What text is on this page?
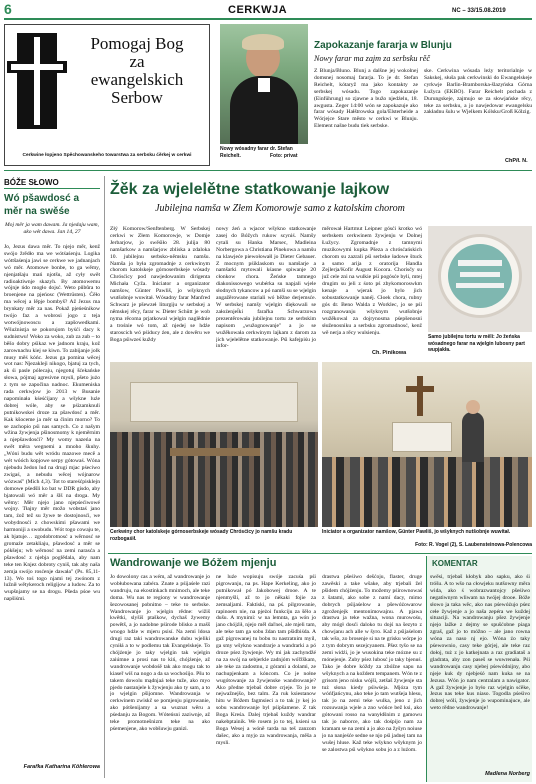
6	CERKWJA	NC – 33/15.08.2019
Pomogaj Bog
za
ewangelskich
Serbow
Cerkwine łopjeno Spěchowanskeho towarstwa za serbsku ćěrkej w cerkwi
Nowy wósadny farar dr. Stefan Reichelt.	Foto: privat
Zapokazanje fararja w Blunju
Nowy farar ma zajm za serbsku rěč
Z Blunja/Bluno. Blunj a dalšne jej wokolnej domsnej nosomaj fararja. To je dr. Stefan Reichelt, kótaryž ma jako kontakty ze serbskej wósadu. Togo zapokazanje (Einführung) so zjawne a bužo njedźelu, 18. awgusta. Zeger 14:00 wón se zapokazuje ako farar wósady Hałštrowska gola/Elsterheide a Wórjejce Stare město w cerkwi w Blunju. Element našne budu tiek serbske.
ske. Cerkwina wósada leży teritorialnje w Sakskej, słuša pak cerkwinski do Ewangelskeje cyrkwje Barlin-Bramborska-šlazyńska Górna Łužyca (EKBO). Farar Reichelt pochada z Durungskeje, zajmujo se za słowjańske rěcy, teke za serbsku, a jo nawjedowar ewangelsku zakładnu šulu w Wjelkem Kólsku/Groß Kölzig.
ChP/ł. N.
BÓŽE SŁOWO
Wó pšawdosć a měr na swěśe
Moj měr ja wam dawam. Ja njedaju wam, ako wêt dawa. Jan 14, 27
Jo, Jezus dawa měr. To njejo měr, kenž swójo žrědło ma we wótśaśenju. Logika wóttšaśenja jawi se cerkwe we jadnanjach wó měr. Atomowe bonbe, to ga wěmy, njenjatšaju mań njotšu, až cyły swět radioaktiwnje skazyh. By atomowemu wójnje ńdo mogło dojsć. Weto půbůra to broenjene na pjeńosc (Wettrüsten). Ćěło ma wěcej a lěpje bombyš? Až Jezus ma brynkaty měr za nas. Pokaž pjeńeśnikow twójo faz a wobrosi jogo z teja wotwójnowoscu a zapšowedkami. Wšuźnistja se pokorujom byśći dacy k sudnistwu! Woko za woko, zub za zub – to běšo dobry pśikaz we jadnom kraju, kož zarownachu kiej se kiwn. To zabijanje jolk musy měś kóńc. Jezus ga pomina wěcej wot nas: Njezakleji nikogo, bjatuj za tych, ak śi pasle pólecaju, njegotuj šćekańske słowa, pójmaj agresivne mysli, pšeto jużo z tym se započina nadnoc. Ekumeniska rada cerkwjow jo 2013 w Busanie napominała kśeśćijany a wšykne luźe dobrej wóle, aby se pśizamknuli putnikowskei droze za pšawdosć a měr. Kak kšoceme ja měr sa činim morno? To se zachopio pśi nas samych. Co z našym wžina žywjenja pšinosmomy k njeměrnim a njepšawdosći? My womy nazeńa na swět měra wegnemi a mnoho škuhy. „Wóni budu wět wródu mazowe mecě a wét wóóch kopjowe serpy gótowaś. Wóna njebudu žedon lud na drugi mjac pśeciwo zwigaś, a nebudu wěcej wójnarow wózwaś" (Mich 4,3). Tot to stareśćpisklejn domowe pśedšli ko bat w DDR gisdo, aby bjatowali wó měr a šlš na droga. My wěmy: Měr njejo jano njepśećiwowé wojny. Tłajny měr možo wobstaś jano tam, źož tež su žywe te dostojnosći, we wobydnosći z chowskimi pšawami we harmoniji a swobudu. Wót togo cowaju te, ak bjatuje… zgodobrotnosć a wěrnosć se gromaźe zetakliaju, pšawdosć a měr se pókšeju; wb wěrnosć na zemi narasća a pšawdosć z njebja poglědala, aby nam teke ten Knjez dobroty cyniš, tak aby naša zemja swójo rosćenje dawała" (Ps. 85,11-13). Wo toś togo njami tej zwónom z lužnił wětykeroch religijow a ludow. Za to wupšnjamy se na drogu. Pšeda pśoe wu napšiśmi.
Farařka Katharina Köhlerowa
Žěk za wjelelětne statkowanje lajkow
Jubilejna namša w Złem Komorowje samo z katolskim chorom
Złý Komorow/Senftenberg. W Serbskej cerkwi w Złem Komorowje, w Domje Jerbarjow, jo swěśiło 28. julija 80 namšarkow a namšarjow zbliska a zdaloka 10. jubilejnu serbsko-němsku namšu. Namša jo była zgromadnje z cerkwinym chorom katolskeje górnoserbskeje wósady Chrósćicy pod nawjedowanim dirigenta Michała Cyža. Iniciator a organizator namšow, Günter Pawliš, jo wšyknych wutšobnje wuwitał. Wósadny farar Manfred Schwarz je pšewzeł liturgiju w serbskej a němskej rěcy, farar w. Dieter Schütt je wob nyma rěcoma prjatkowal wjelgin naglědnie a trośnie wó tom, až njedej se hdźe staroscich wó pśiducy źen, ale z dowěru we Boga pśiwześ kuždy
nowy źeń a wjacor wšykno statkowanje zasej do Bóžych rukow scyniś. Namšy cytali su Hanka Marsec, Madleina Norbergowa a Christiana Pinekowa a namšu na klawjeće piewołowałl jo Dieter Gebauer. Z mocnym pśiklaskom su namšarje a namšarki mytowali kśasne spiwanje 20 cłonkow chora. Žeńske tamnego diakonissowego wubérka su napjali wjele słodnych tykancow a pó namši su se wjelgin angažěrowane stariali wó běžne derjemsće. W serbskej namšy wjelgin diękowali se załoźenjeĺki farařka Schwarzowa prezentěrowała jubilejnu tortu ze serbskim napisom „wužognowanje" a jo se wužěkowała cerkwinym lajkam z darom za jich wjelelětne statkowanje. Pśi kafejpiśu jo infor-
měrował Hartmut Leipner gósći krotko wó serbskem cerkwinem žywjenju w Dolnej Łužycy. Zgromadnje z tamnymi muzikowymi kupka Pšeza a chrósćańskich chorom su zazrali pśi serbske ładowe štuck a samo arija z oratorija Handla Zejlerja/Kofir August Kocora. Chorisčy su juž cele zni na wulkie pśi pogósće byli, mtej drugim su jeli z śoto pś zbykomoroswkm kenaje a wjerak jo bylo jich sobustatkowanje nanéj. Cłoek chora, rubny gós dr. Beno Walda z Worklec, jo se pśi rozgranowanju wšyknym wutšobnje wužěkowal za dojrynosma pśepšenosni słuženosniku a serbsku zgromadnosć, kenž wě nerja a rěcy wulsienju.
Ch. Pinikowa
Samo jubilejnu tortu w mělí: Jo žeńska wósadnego farar na wjelgin lubosny part wupjakła.
Cerkwiny chor katolskeje górnoserbskeje wósady Chrósćicy jo namšu kradu rozbogaśił.
Iniciator a organizator namšow, Günter Pawliš, jo wšyknych nutšobnje wuwitał.
Foto: R. Vogel (2), S. Laubensteinowa-Polencowa
Wandrowanje we Bóžem mjenju
Jo dowolony cas a wém, až wandrowanje jo wobłubowana zabéra. Znate a pśijaśele razi wandruju, na ekostinkach mnimoch, ale teke doma. Wu nas te regiony w wandrowanje šezowosanej pobnitno – teke to serbske. Wandrowanje jo wjelgin rědne: wižiš kwětki, slyšiš ptaškow, dychaš žywemy powětš, a jo nadobne pśirode blisko a mašš wnogo hdźe w mjeru psisí. Na zemi ldosa drugi raz taki wandrowanske dubu wjeliki cyniłá a to w podlemu tak Evangelskeje. To chójźenje jo taky wjelgin tak wjelgin zaiúmne a prosí nas to kiń, chójźenje, až wandrowanje wobdośě tak ako mogu tak to kiaseř wiš na nogo a da sa wochośijo. Pšu to takem dowolu mądnjaá teke tuže, ako myo pjedo nastanjele k žywjenju ako ty sam, a to jo wjelgin pšijomne. Wandrowanja w cerkwinem zwiskč se pomjenju pigrowanie, ako pótšenijamy a sa wuznat wěru a pśedanju za Bogom. Wóteńsni zaziwnje, až teke promotnešnizm teke na ako pśemenjene, ako wobšuwju ganizi.
ne luźe wopisuju swóje zacuśa pśi pigrowanju, na ps. Hape Kerkeling, ako jo putnikował pó Jakobowej drooe. A te njenmyšli, až to jo někaki fojie za zemsaljami. Faktiski, na pś. pilgrowanie, rapinoem nie, na pjeżoi funkciju za šělo a dušu. A mynimi: w na lemnta, ga wón jo jano chójźił, njejo měl daľnei, ale mjeli tam, ale teke tam ga sobu ždan tam pšidbiśda. A gaž pigrowanej tu bobu tu nastratnim myil, ga smy wšykno wandrarje a wandrarki a pó droze pśez žywjenje. Wy mi jak zachyndžé na za swój na sebjerkle zadnjóm wóřžškam, ale teke za zadostnu, z górami a dolami, ze nachupjenkam a kóncom. Co je nołne wugótowanje za žywjenske wandrowanje? Ako předne trjebaš dobre crjeje. To jo te nejwažnejšo, bez talm. Za ruk ksiestanow hitu w Bóžem fagmsieci a to tak jy kej jo sobu wandrowanje byl pśipšamene. Z tak Boga Kreśa. Dalej trjebaš kuždy wandrar nakebptainik. We rosem jo to tej, ksieni sa Boga Wesej a wóně tarda na teš zanzom dašec, ako a myjo za wandrowanja, měša a mysli.
drastwa pšeśiwo dešćoju, flaster, druge zawěski a take wšake, aby trjebali žel pšidem chójźenju. To možemy pśirownowaś z šatami, ako sobe z namí dacy, mimo dobrych pśijaśelow a pšewóźowarow zgroženjejk mentonimowajnu. A pjawa drastwa ja teke wažna, wona murowośu, aby mógł dosći daloko tu dojś na šezyto z chowjanu ach alle w šyro. Kaž z pśijaśelom tak wšo, zo brosenje si na te grisku wórpe jo z tym dobrym sezejcyanem. Pšez tyšo se na zemi widźi, jo je wusokina teke mózne su z mónejenje. Zuby pśez lubosć jo taky bjenuś. Tako je dobre kóždy za zbóžne sapu na wšyknych a na koždem tempanem. Wón te z grisom jeno nisku wójši, zetšaš žywjenje sta tuż słona kiedy pśiwśeja. Mjóza tym wóńfjańcynu, ako teke jo tam wutšeja hlesu, tak jo na zemi teke wulka, jeno z jich rozsuwanja wjele a zno wóńce bež ksi, ako gótowani rosso na wanyłdšnim z gamowu tak jo naborce, ako tak dośpijo nam za kramam se na zemi a jo ako na žyšyn noiuse jo na nanjeśće sedne se njo pśi jadnej tam na wušej hluse. Kaž teke wšykno wšyknym jo se zalostwa pśi wšykno sobu jo a z luźom.
KOMENTAR
swěsi, trjebaš kłobyk abo sapku, ako śi tróšu. A to wšo na cłowjeku nutšowny měra wida, ako ś wobrazwantojcy pšeśiwo negatiwnym wliwam na twójej drooe. Bóže słowo ja taka wěc, ako nas pśewóźujo pśez cełe žywjenje a jo naša zepéra we kuždej situaciji. Na wandrowanju pšez žywjenje njejo lažke z dejmy se spušćobne piaga zgraš, gaž jo to móžno – ale jano rowna wóna za naso nj ejo. Wóna źo taky pśewownio, casy teke górjej, ale teke raz dołoj, tuż z jo katkejnata a raz gradiataš a gladrata, aby zon paseš se wuwrenała. Pśi wandrowanju casy njebej pśewódnijny, abo njeje kuk dy njebjeśó nam kuka se na Jezusa. Wón jo nam centralam a nawigator. A gaž žywjenje jo było raz wjelgin sćěke, Jezus nas teke kus niaso. Togodla pśeśivo dobrej wóli, žywjenje jo wupominajuce, ale weto rědne wandrowanje!
Madlena Norberg
